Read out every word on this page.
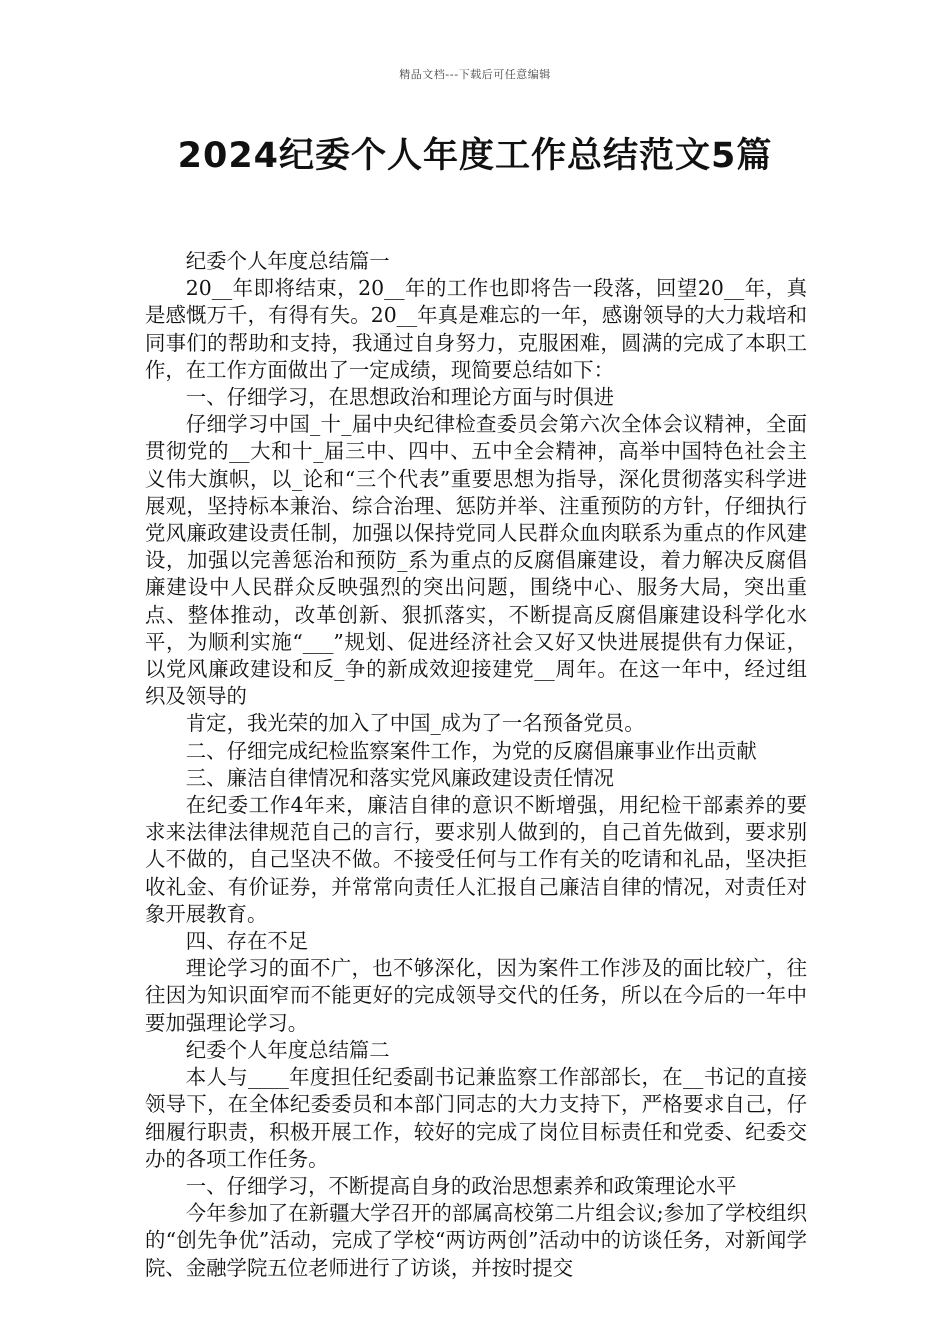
精品文档---下载后可任意编辑
2024纪委个人年度工作总结范文5篇

纪委个人年度总结篇一

20__年即将结束，20__年的工作也即将告一段落，回望20__年，真是感慨万千，有得有失。20__年真是难忘的一年，感谢领导的大力栽培和同事们的帮助和支持，我通过自身努力，克服困难，圆满的完成了本职工作，在工作方面做出了一定成绩，现简要总结如下：

一、仔细学习，在思想政治和理论方面与时俱进

仔细学习中国_十_届中央纪律检查委员会第六次全体会议精神，全面贯彻党的__大和十_届三中、四中、五中全会精神，高举中国特色社会主义伟大旗帜，以_论和“三个代表”重要思想为指导，深化贯彻落实科学进展观，坚持标本兼治、综合治理、惩防并举、注重预防的方针，仔细执行党风廉政建设责任制，加强以保持党同人民群众血肉联系为重点的作风建设，加强以完善惩治和预防_系为重点的反腐倡廉建设，着力解决反腐倡廉建设中人民群众反映强烈的突出问题，围绕中心、服务大局，突出重点、整体推动，改革创新、狠抓落实，不断提高反腐倡廉建设科学化水平，为顺利实施“___”规划、促进经济社会又好又快进展提供有力保证，以党风廉政建设和反_争的新成效迎接建党__周年。在这一年中，经过组织及领导的

肯定，我光荣的加入了中国_成为了一名预备党员。

二、仔细完成纪检监察案件工作，为党的反腐倡廉事业作出贡献

三、廉洁自律情况和落实党风廉政建设责任情况

在纪委工作4年来，廉洁自律的意识不断增强，用纪检干部素养的要求来法律法律规范自己的言行，要求别人做到的，自己首先做到，要求别人不做的，自己坚决不做。不接受任何与工作有关的吃请和礼品，坚决拒收礼金、有价证券，并常常向责任人汇报自己廉洁自律的情况，对责任对象开展教育。

四、存在不足

理论学习的面不广，也不够深化，因为案件工作涉及的面比较广，往往因为知识面窄而不能更好的完成领导交代的任务，所以在今后的一年中要加强理论学习。

纪委个人年度总结篇二

本人与____年度担任纪委副书记兼监察工作部部长，在__书记的直接领导下，在全体纪委委员和本部门同志的大力支持下，严格要求自己，仔细履行职责，积极开展工作，较好的完成了岗位目标责任和党委、纪委交办的各项工作任务。

一、仔细学习，不断提高自身的政治思想素养和政策理论水平

今年参加了在新疆大学召开的部属高校第二片组会议;参加了学校组织的“创先争优”活动，完成了学校“两访两创”活动中的访谈任务，对新闻学院、金融学院五位老师进行了访谈，并按时提交
